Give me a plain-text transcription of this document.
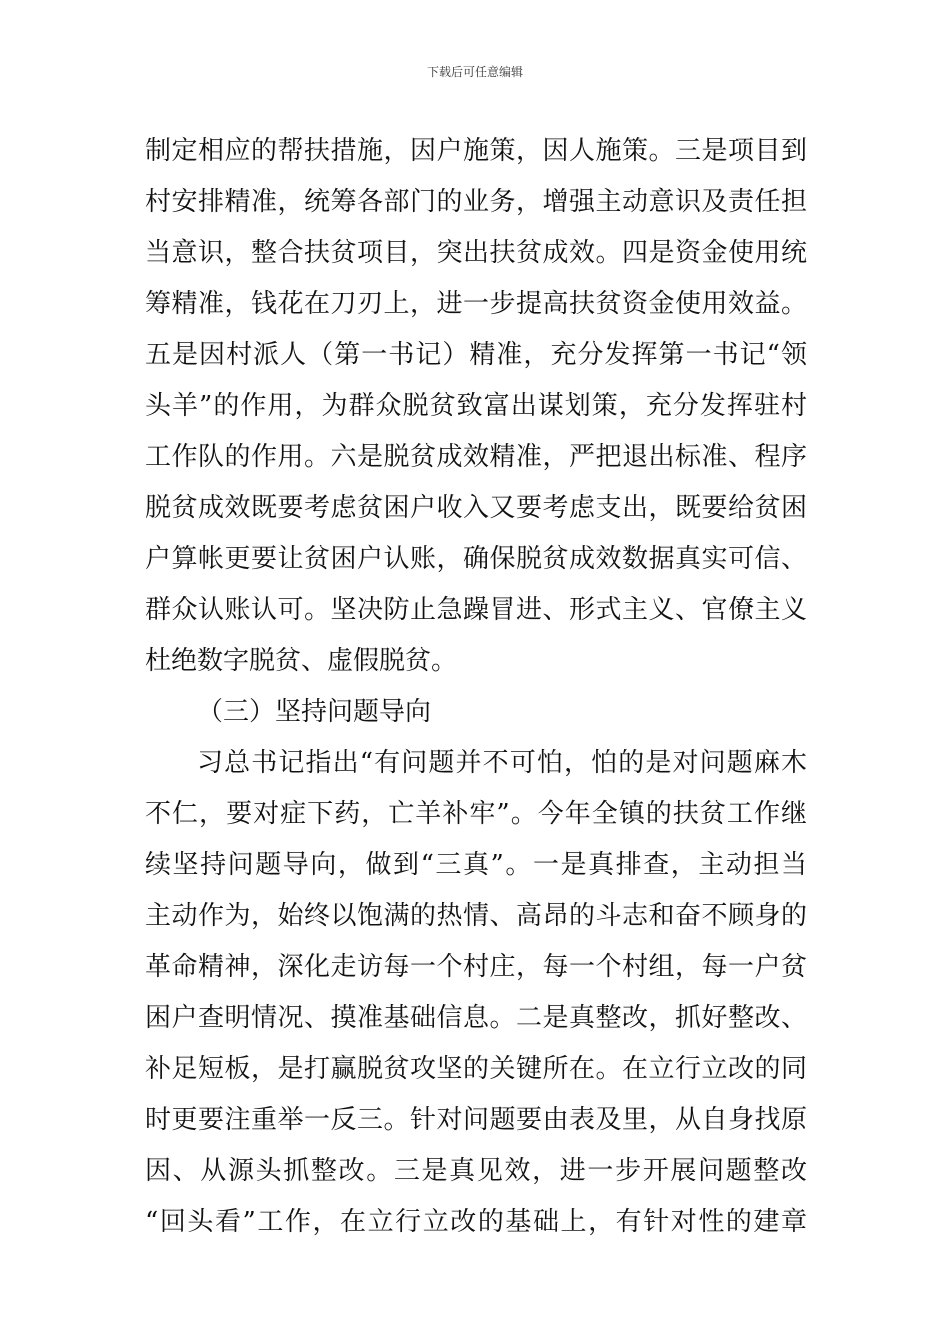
下载后可任意编辑
制定相应的帮扶措施，因户施策，因人施策。三是项目到
村安排精准，统筹各部门的业务，增强主动意识及责任担
当意识，整合扶贫项目，突出扶贫成效。四是资金使用统
筹精准，钱花在刀刃上，进一步提高扶贫资金使用效益。
五是因村派人（第一书记）精准，充分发挥第一书记“领
头羊”的作用，为群众脱贫致富出谋划策，充分发挥驻村
工作队的作用。六是脱贫成效精准，严把退出标准、程序
脱贫成效既要考虑贫困户收入又要考虑支出，既要给贫困
户算帐更要让贫困户认账，确保脱贫成效数据真实可信、
群众认账认可。坚决防止急躁冒进、形式主义、官僚主义
杜绝数字脱贫、虚假脱贫。
（三）坚持问题导向
习总书记指出“有问题并不可怕，怕的是对问题麻木
不仁，要对症下药，亡羊补牢”。今年全镇的扶贫工作继
续坚持问题导向，做到“三真”。一是真排查，主动担当
主动作为，始终以饱满的热情、高昂的斗志和奋不顾身的
革命精神，深化走访每一个村庄，每一个村组，每一户贫
困户查明情况、摸准基础信息。二是真整改，抓好整改、
补足短板，是打赢脱贫攻坚的关键所在。在立行立改的同
时更要注重举一反三。针对问题要由表及里，从自身找原
因、从源头抓整改。三是真见效，进一步开展问题整改
“回头看”工作，在立行立改的基础上，有针对性的建章
